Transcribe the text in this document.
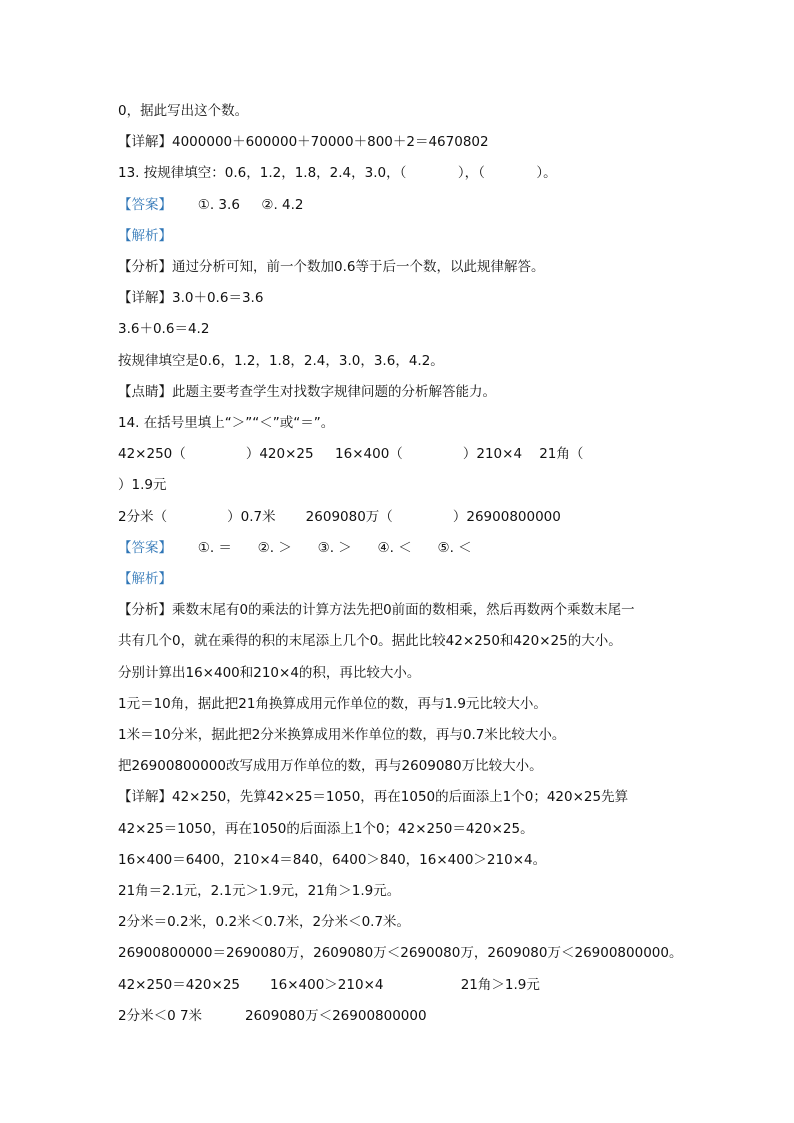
0，据此写出这个数。
【详解】4000000＋600000＋70000＋800＋2＝4670802
13. 按规律填空：0.6，1.2，1.8，2.4，3.0，（            ），（            ）。
【答案】      ①. 3.6     ②. 4.2
【解析】
【分析】通过分析可知，前一个数加0.6等于后一个数，以此规律解答。
【详解】3.0＋0.6＝3.6
3.6＋0.6＝4.2
按规律填空是0.6，1.2，1.8，2.4，3.0，3.6，4.2。
【点睛】此题主要考查学生对找数字规律问题的分析解答能力。
14. 在括号里填上“＞”“＜”或“＝”。
42×250（              ）420×25     16×400（              ）210×4    21角（
）1.9元
2分米（              ）0.7米       2609080万（              ）26900800000
【答案】      ①. ＝      ②. ＞      ③. ＞      ④. ＜      ⑤. ＜
【解析】
【分析】乘数末尾有0的乘法的计算方法先把0前面的数相乘，然后再数两个乘数末尾一
共有几个0，就在乘得的积的末尾添上几个0。据此比较42×250和420×25的大小。
分别计算出16×400和210×4的积，再比较大小。
1元＝10角，据此把21角换算成用元作单位的数，再与1.9元比较大小。
1米＝10分米，据此把2分米换算成用米作单位的数，再与0.7米比较大小。
把26900800000改写成用万作单位的数，再与2609080万比较大小。
【详解】42×250，先算42×25＝1050，再在1050的后面添上1个0；420×25先算
42×25＝1050，再在1050的后面添上1个0；42×250＝420×25。
16×400＝6400，210×4＝840，6400＞840，16×400＞210×4。
21角＝2.1元，2.1元＞1.9元，21角＞1.9元。
2分米＝0.2米，0.2米＜0.7米，2分米＜0.7米。
26900800000＝2690080万，2609080万＜2690080万，2609080万＜26900800000。
42×250＝420×25       16×400＞210×4                  21角＞1.9元
2分米＜0 7米          2609080万＜26900800000
